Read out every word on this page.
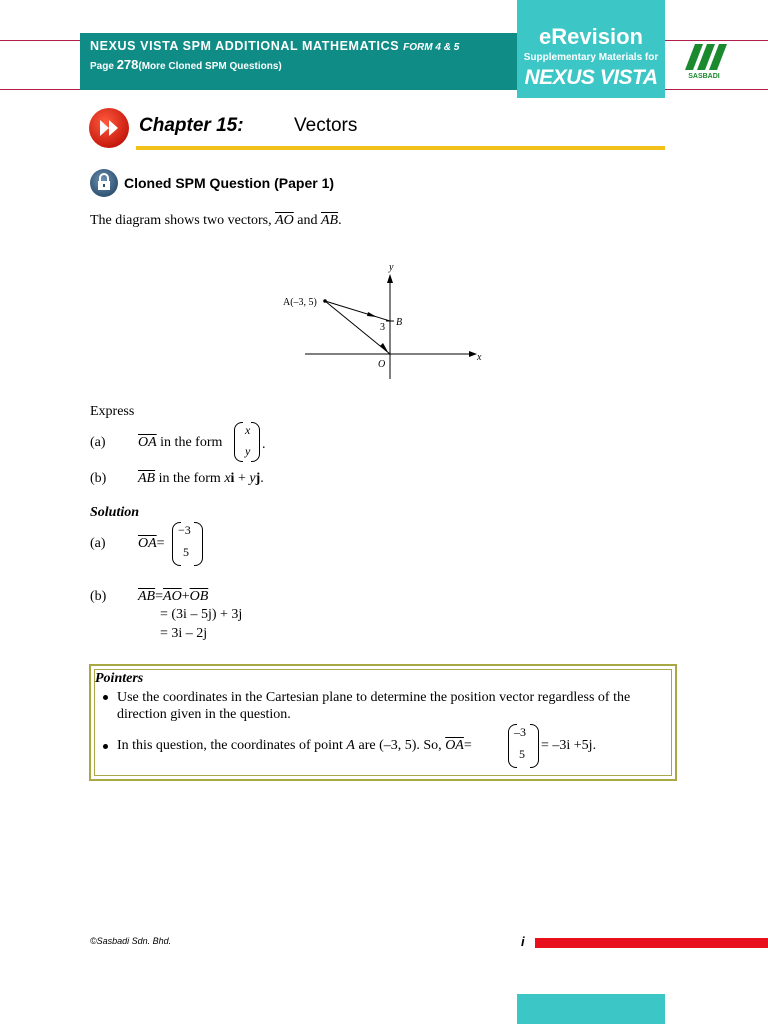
NEXUS VISTA SPM ADDITIONAL MATHEMATICS FORM 4 & 5
Page 278(More Cloned SPM Questions)
eRevision
Supplementary Materials for
NEXUS VISTA	SASBADI
Chapter 15:	Vectors
Cloned SPM Question (Paper 1)
The diagram shows two vectors, $\overline{AO}$ and $\overline{AB}$.
y
x
O
A(–3, 5)
B
3
Express
(a) $\overline{OA}$ in the form
x
y .
(b) $\overline{AB}$ in the form xi + yj.
Solution
(a) $\overline{OA}=$
−3
5
(b) $\overline{AB}=\overline{AO}+\overline{OB}$
= (3i – 5j) + 3j
= 3i – 2j
Pointers
Use the coordinates in the Cartesian plane to determine the position vector regardless of the direction given in the question.
In this question, the coordinates of point A are (–3, 5). So, $\overline{OA}=$
–3
5
= –3i +5j.
©Sasbadi Sdn. Bhd.	i
